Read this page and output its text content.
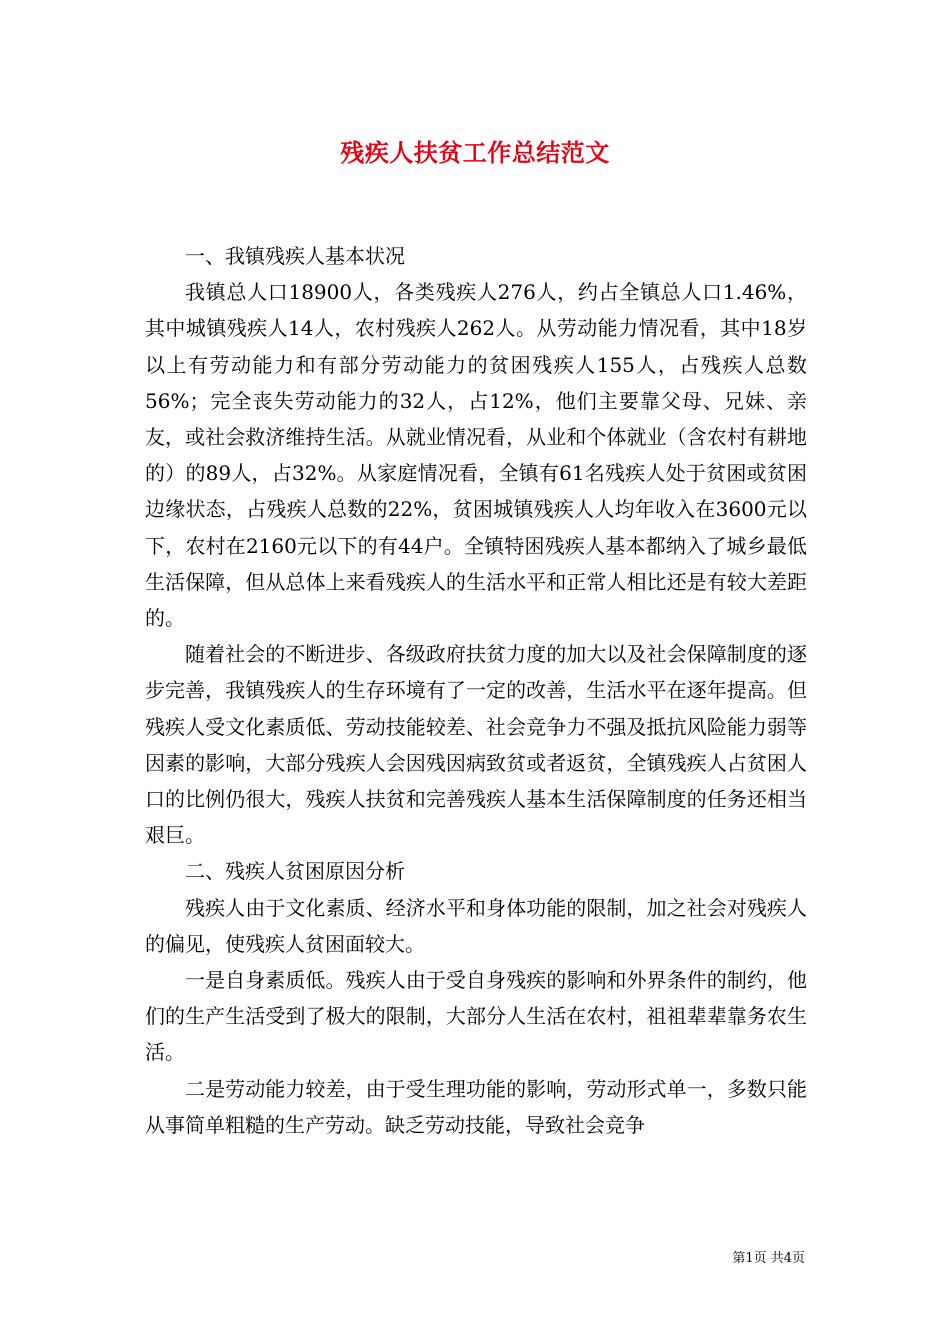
残疾人扶贫工作总结范文

一、我镇残疾人基本状况

我镇总人口18900人，各类残疾人276人，约占全镇总人口1.46%，其中城镇残疾人14人，农村残疾人262人。从劳动能力情况看，其中18岁以上有劳动能力和有部分劳动能力的贫困残疾人155人，占残疾人总数56%；完全丧失劳动能力的32人，占12%，他们主要靠父母、兄妹、亲友，或社会救济维持生活。从就业情况看，从业和个体就业（含农村有耕地的）的89人，占32%。从家庭情况看，全镇有61名残疾人处于贫困或贫困边缘状态，占残疾人总数的22%，贫困城镇残疾人人均年收入在3600元以下，农村在2160元以下的有44户。全镇特困残疾人基本都纳入了城乡最低生活保障，但从总体上来看残疾人的生活水平和正常人相比还是有较大差距的。

随着社会的不断进步、各级政府扶贫力度的加大以及社会保障制度的逐步完善，我镇残疾人的生存环境有了一定的改善，生活水平在逐年提高。但残疾人受文化素质低、劳动技能较差、社会竞争力不强及抵抗风险能力弱等因素的影响，大部分残疾人会因残因病致贫或者返贫，全镇残疾人占贫困人口的比例仍很大，残疾人扶贫和完善残疾人基本生活保障制度的任务还相当艰巨。

二、残疾人贫困原因分析

残疾人由于文化素质、经济水平和身体功能的限制，加之社会对残疾人的偏见，使残疾人贫困面较大。

一是自身素质低。残疾人由于受自身残疾的影响和外界条件的制约，他们的生产生活受到了极大的限制，大部分人生活在农村，祖祖辈辈靠务农生活。

二是劳动能力较差，由于受生理功能的影响，劳动形式单一，多数只能从事简单粗糙的生产劳动。缺乏劳动技能，导致社会竞争

第1页 共4页
